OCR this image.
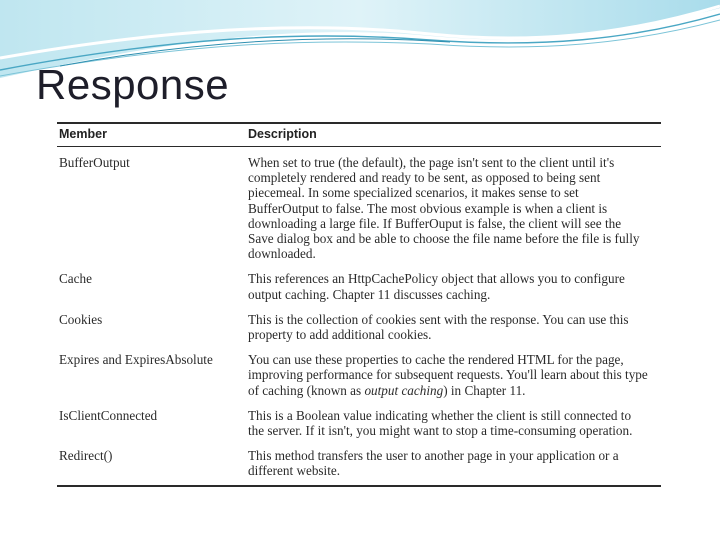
Response
Member	Description
BufferOutput	When set to true (the default), the page isn't sent to the client until it's completely rendered and ready to be sent, as opposed to being sent piecemeal. In some specialized scenarios, it makes sense to set BufferOutput to false. The most obvious example is when a client is downloading a large file. If BufferOuput is false, the client will see the Save dialog box and be able to choose the file name before the file is fully downloaded.
Cache	This references an HttpCachePolicy object that allows you to configure output caching. Chapter 11 discusses caching.
Cookies	This is the collection of cookies sent with the response. You can use this property to add additional cookies.
Expires and ExpiresAbsolute	You can use these properties to cache the rendered HTML for the page, improving performance for subsequent requests. You'll learn about this type of caching (known as output caching) in Chapter 11.
IsClientConnected	This is a Boolean value indicating whether the client is still connected to the server. If it isn't, you might want to stop a time-consuming operation.
Redirect()	This method transfers the user to another page in your application or a different website.
